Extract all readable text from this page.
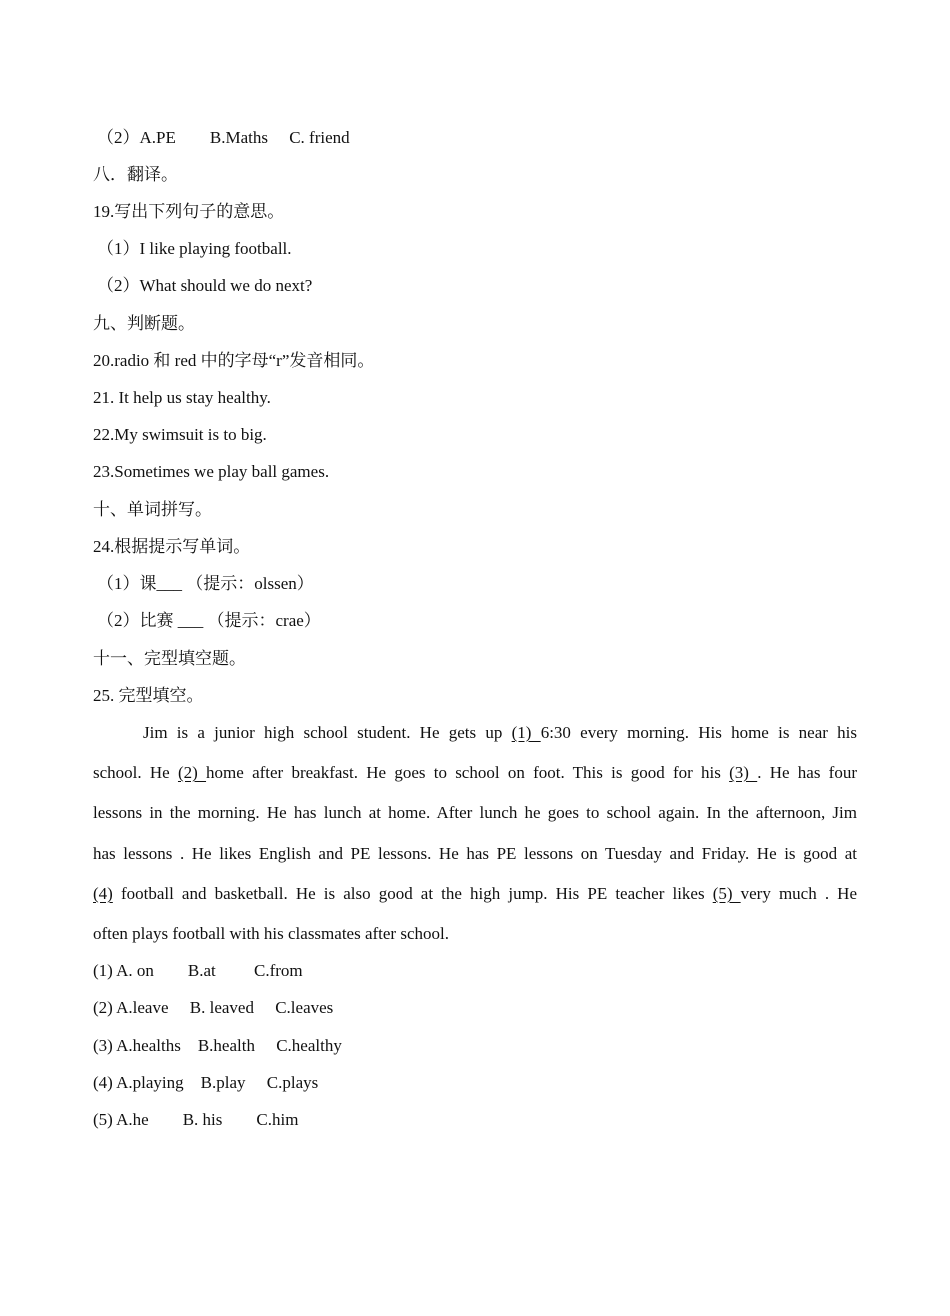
（2）A.PE　　B.Maths　 C. friend
八．翻译。
19.写出下列句子的意思。
（1）I like playing football.
（2）What should we do next?
九、判断题。
20.radio 和 red 中的字母“r”发音相同。
21. It help us stay healthy.
22.My swimsuit is to big.
23.Sometimes we play ball games.
十、单词拼写。
24.根据提示写单词。
（1）课___ （提示：olssen）
（2）比赛 ___ （提示：crae）
十一、完型填空题。
25. 完型填空。
Jim is a junior high school student. He gets up (1) 6:30 every morning. His home is near his
school. He (2) home after breakfast. He goes to school on foot. This is good for his (3) . He has four
lessons in the morning. He has lunch at home. After lunch he goes to school again. In the afternoon, Jim
has lessons . He likes English and PE lessons. He has PE lessons on Tuesday and Friday. He is good at
(4) football and basketball. He is also good at the high jump. His PE teacher likes (5) very much . He
often plays football with his classmates after school.
(1) A. on　　B.at　　 C.from
(2) A.leave　 B. leaved　 C.leaves
(3) A.healths　B.health　 C.healthy
(4) A.playing　B.play　 C.plays
(5) A.he　　B. his　　C.him
